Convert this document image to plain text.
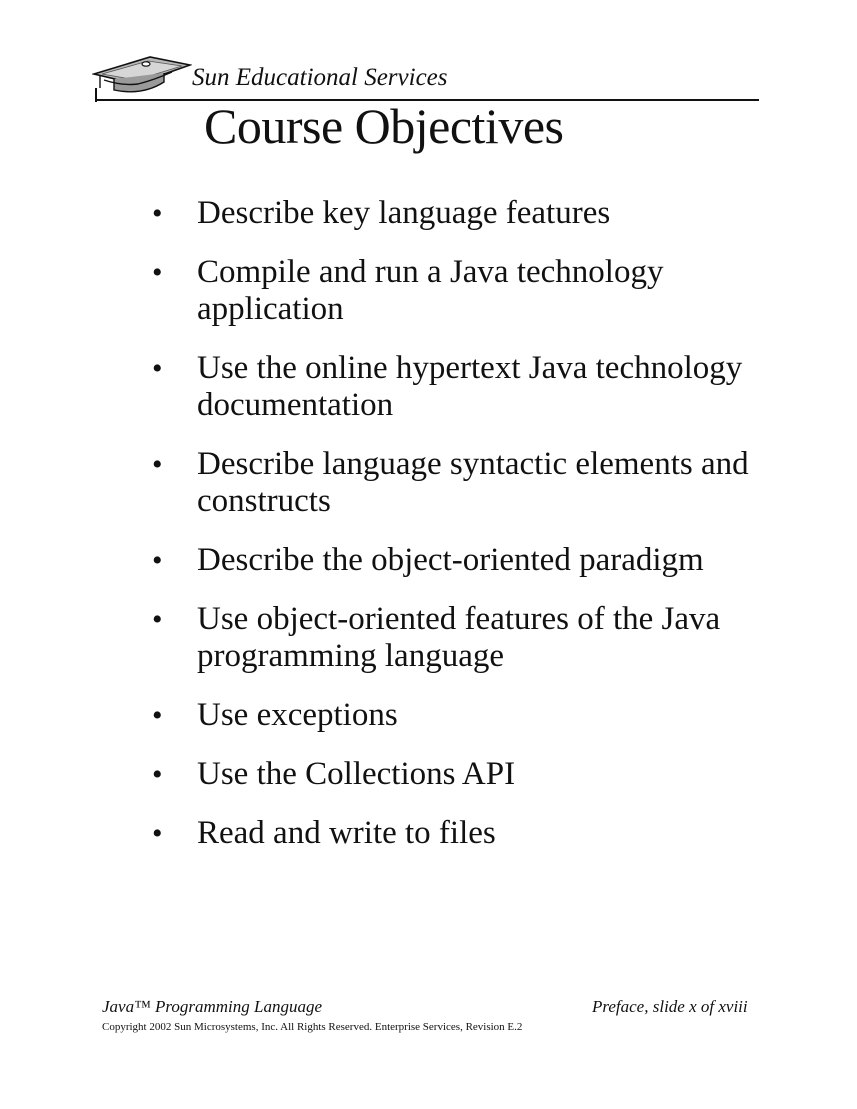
Sun Educational Services
Course Objectives
•	Describe key language features
•	Compile and run a Java technology application
•	Use the online hypertext Java technology documentation
•	Describe language syntactic elements and constructs
•	Describe the object-oriented paradigm
•	Use object-oriented features of the Java programming language
•	Use exceptions
•	Use the Collections API
•	Read and write to files
Java™ Programming Language	Preface, slide x of xviii
Copyright 2002 Sun Microsystems, Inc. All Rights Reserved. Enterprise Services, Revision E.2
